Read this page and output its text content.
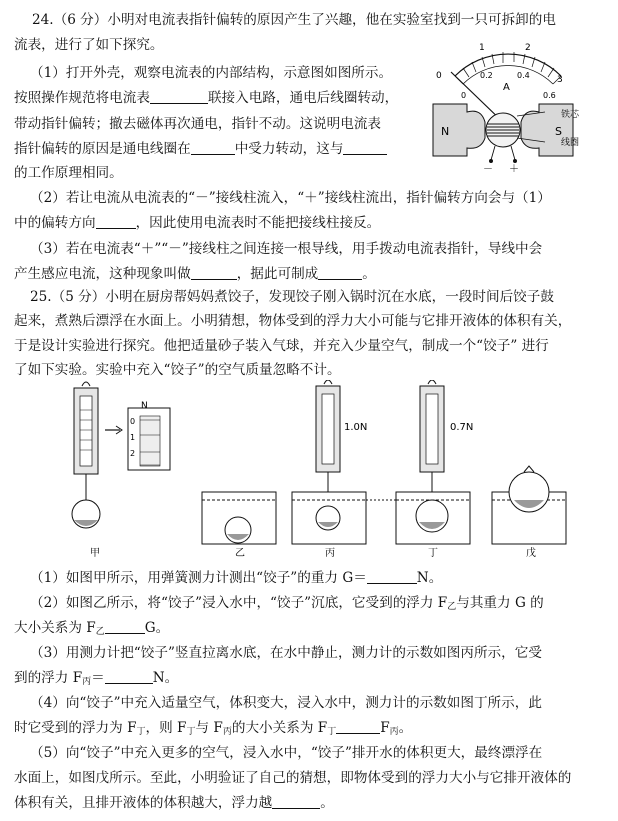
24.（6 分）小明对电流表指针偏转的原因产生了兴趣，他在实验室找到一只可拆卸的电
流表，进行了如下探究。
（1）打开外壳，观察电流表的内部结构，示意图如图所示。
按照操作规范将电流表	联接入电路，通电后线圈转动，
带动指针偏转；撤去磁体再次通电，指针不动。这说明电流表
指针偏转的原因是通电线圈在	中受力转动，这与
的工作原理相同。
（2）若让电流从电流表的“－”接线柱流入，“＋”接线柱流出，指针偏转方向会与（1）
中的偏转方向	，因此使用电流表时不能把接线柱接反。
（3）若在电流表“＋”“－”接线柱之间连接一根导线，用手拨动电流表指针，导线中会
产生感应电流，这种现象叫做	，据此可制成	。
1	2
0	3
0
0.2	0.4
0.6
A
N	S
铁芯
线圈
－ ＋
25.（5 分）小明在厨房帮妈妈煮饺子，发现饺子刚入锅时沉在水底，一段时间后饺子鼓
起来，煮熟后漂浮在水面上。小明猜想，物体受到的浮力大小可能与它排开液体的体积有关，
于是设计实验进行探究。他把适量砂子装入气球，并充入少量空气，制成一个“饺子” 进行
了如下实验。实验中充入“饺子”的空气质量忽略不计。
N
0
1
2
1.0N	0.7N
甲	乙	丙	丁	戊
（1）如图甲所示，用弹簧测力计测出“饺子”的重力 G＝	N。
（2）如图乙所示，将“饺子”浸入水中，“饺子”沉底，它受到的浮力 $F_乙$与其重力 G 的
大小关系为 $F_乙$	G。
（3）用测力计把“饺子”竖直拉离水底，在水中静止，测力计的示数如图丙所示，它受
到的浮力 $F_丙=$	N。
（4）向“饺子”中充入适量空气，体积变大，浸入水中，测力计的示数如图丁所示，此
时它受到的浮力为 $F_丁$，则 $F_丁$与 $F_丙$的大小关系为 $F_丁$	$F_丙$。
（5）向“饺子”中充入更多的空气，浸入水中，“饺子”排开水的体积更大，最终漂浮在
水面上，如图戊所示。至此，小明验证了自己的猜想，即物体受到的浮力大小与它排开液体的
体积有关，且排开液体的体积越大，浮力越	。
